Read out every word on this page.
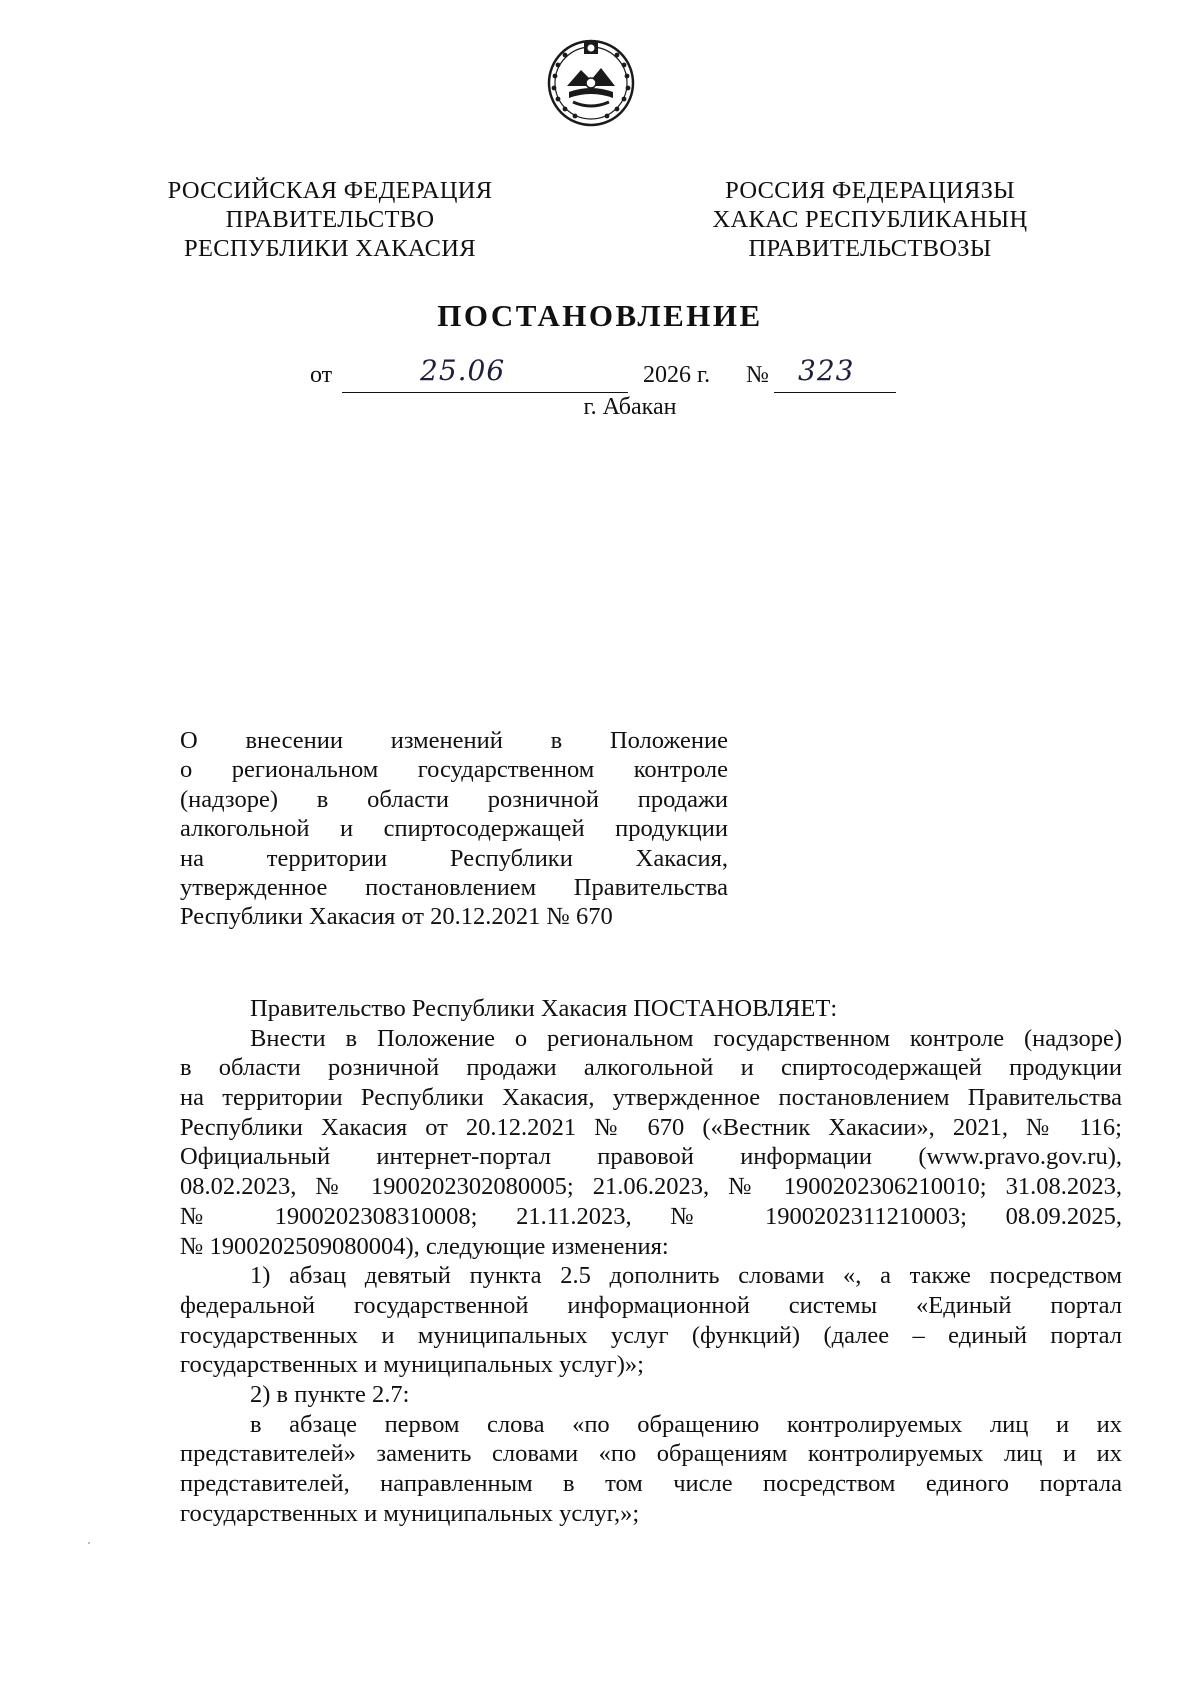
РОССИЙСКАЯ ФЕДЕРАЦИЯ
ПРАВИТЕЛЬСТВО
РЕСПУБЛИКИ ХАКАСИЯ
РОССИЯ ФЕДЕРАЦИЯЗЫ
ХАКАС РЕСПУБЛИКАНЫҢ
ПРАВИТЕЛЬСТВОЗЫ
ПОСТАНОВЛЕНИЕ
от	25.06	2026 г. № 323
г. Абакан
О внесении изменений в Положение
о региональном государственном контроле
(надзоре) в области розничной продажи
алкогольной и спиртосодержащей продукции
на территории Республики Хакасия,
утвержденное постановлением Правительства
Республики Хакасия от 20.12.2021 № 670
Правительство Республики Хакасия ПОСТАНОВЛЯЕТ:
Внести в Положение о региональном государственном контроле (надзоре)
в области розничной продажи алкогольной и спиртосодержащей продукции
на территории Республики Хакасия, утвержденное постановлением Правительства
Республики Хакасия от 20.12.2021 № 670 («Вестник Хакасии», 2021, № 116;
Официальный интернет-портал правовой информации (www.pravo.gov.ru),
08.02.2023, № 1900202302080005; 21.06.2023, № 1900202306210010; 31.08.2023,
№ 1900202308310008; 21.11.2023, № 1900202311210003; 08.09.2025,
№ 1900202509080004), следующие изменения:
1) абзац девятый пункта 2.5 дополнить словами «, а также посредством
федеральной государственной информационной системы «Единый портал
государственных и муниципальных услуг (функций) (далее – единый портал
государственных и муниципальных услуг)»;
2) в пункте 2.7:
в абзаце первом слова «по обращению контролируемых лиц и их
представителей» заменить словами «по обращениям контролируемых лиц и их
представителей, направленным в том числе посредством единого портала
государственных и муниципальных услуг,»;
